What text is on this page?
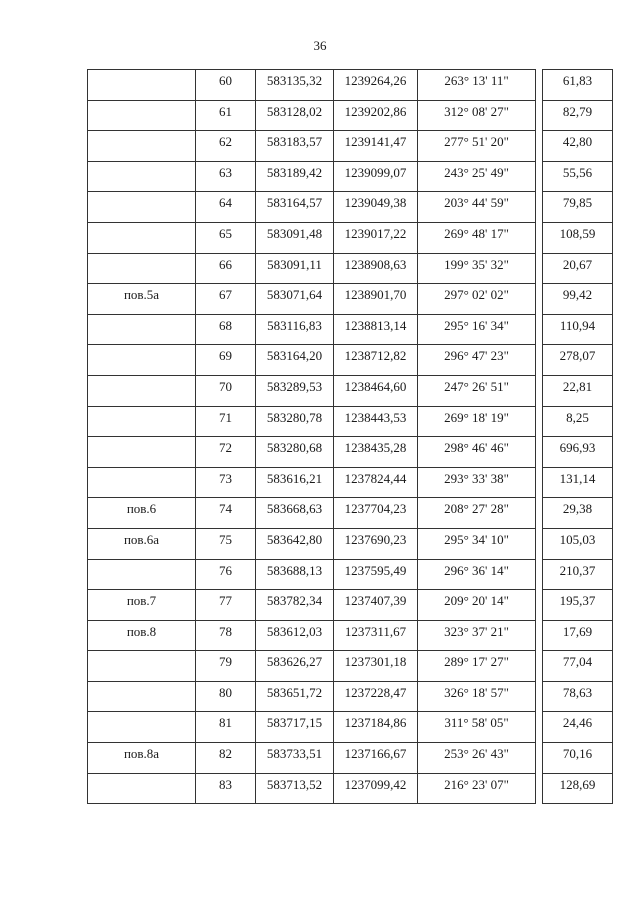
36
	60	583135,32	1239264,26	263° 13' 11"		61,83
	61	583128,02	1239202,86	312° 08' 27"		82,79
	62	583183,57	1239141,47	277° 51' 20"		42,80
	63	583189,42	1239099,07	243° 25' 49"		55,56
	64	583164,57	1239049,38	203° 44' 59"		79,85
	65	583091,48	1239017,22	269° 48' 17"		108,59
	66	583091,11	1238908,63	199° 35' 32"		20,67
пов.5а	67	583071,64	1238901,70	297° 02' 02"		99,42
	68	583116,83	1238813,14	295° 16' 34"		110,94
	69	583164,20	1238712,82	296° 47' 23"		278,07
	70	583289,53	1238464,60	247° 26' 51"		22,81
	71	583280,78	1238443,53	269° 18' 19"		8,25
	72	583280,68	1238435,28	298° 46' 46"		696,93
	73	583616,21	1237824,44	293° 33' 38"		131,14
пов.6	74	583668,63	1237704,23	208° 27' 28"		29,38
пов.6а	75	583642,80	1237690,23	295° 34' 10"		105,03
	76	583688,13	1237595,49	296° 36' 14"		210,37
пов.7	77	583782,34	1237407,39	209° 20' 14"		195,37
пов.8	78	583612,03	1237311,67	323° 37' 21"		17,69
	79	583626,27	1237301,18	289° 17' 27"		77,04
	80	583651,72	1237228,47	326° 18' 57"		78,63
	81	583717,15	1237184,86	311° 58' 05"		24,46
пов.8а	82	583733,51	1237166,67	253° 26' 43"		70,16
	83	583713,52	1237099,42	216° 23' 07"		128,69
